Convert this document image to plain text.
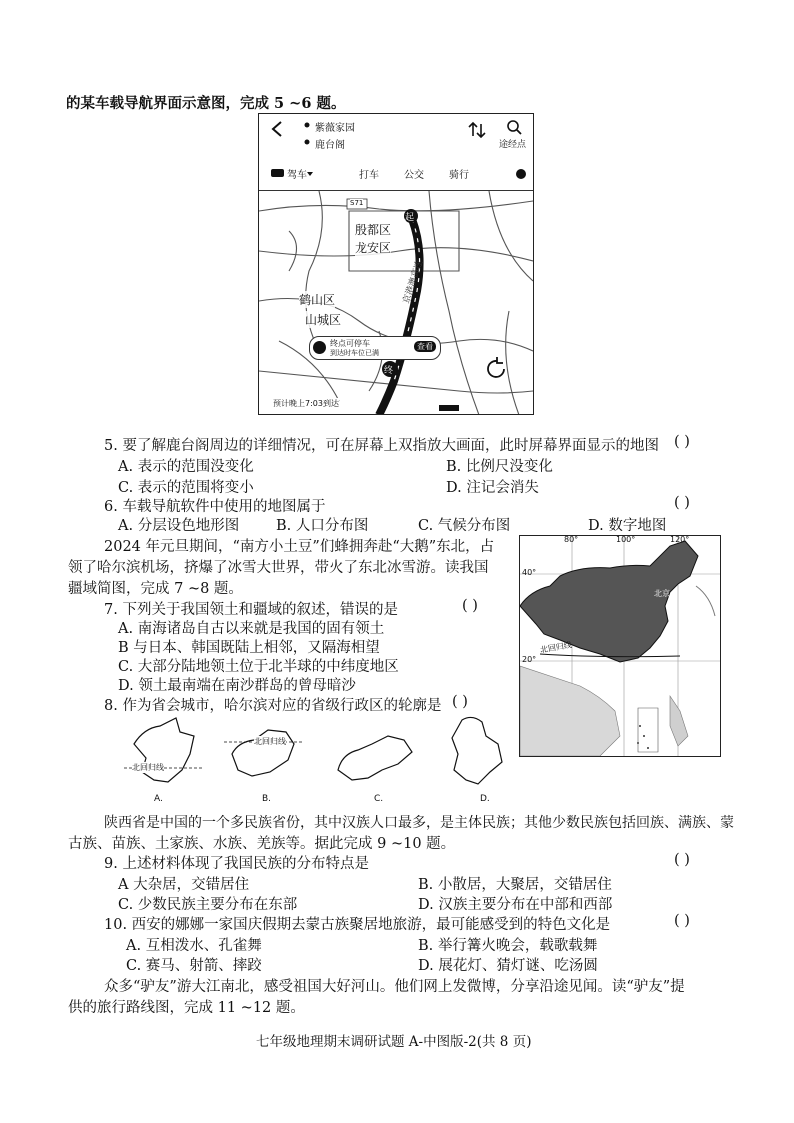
的某车载导航界面示意图，完成 5 ~6 题。
紫薇家园
鹿台阁	途经点
驾车	打车	公交	骑行
S71
起
终
殷都区
龙安区
鹤山区
山城区
京港澳高速
终点可停车
到达时车位已满
查看
预计晚上7:03到达
5. 要了解鹿台阁周边的详细情况，可在屏幕上双指放大画面，此时屏幕界面显示的地图 ( )
A. 表示的范围没变化	B. 比例尺没变化
C. 表示的范围将变小	D. 注记会消失
6. 车载导航软件中使用的地图属于	( )
A. 分层设色地形图	B. 人口分布图	C. 气候分布图	D. 数字地图
2024 年元旦期间，“南方小土豆”们蜂拥奔赴“大鹅”东北，占
领了哈尔滨机场，挤爆了冰雪大世界，带火了东北冰雪游。读我国
疆域简图，完成 7 ~8 题。
80°	100°	120°
40°
20°
北京
北回归线
7. 下列关于我国领土和疆域的叙述，错误的是	( )
A. 南海诸岛自古以来就是我国的固有领土
B 与日本、韩国既陆上相邻，又隔海相望
C. 大部分陆地领土位于北半球的中纬度地区
D. 领土最南端在南沙群岛的曾母暗沙
8. 作为省会城市，哈尔滨对应的省级行政区的轮廓是 ( )
北回归线
北回归线
A.	B.	C.	D.
陕西省是中国的一个多民族省份，其中汉族人口最多，是主体民族；其他少数民族包括回族、满族、蒙
古族、苗族、土家族、水族、羌族等。据此完成 9 ~10 题。
9. 上述材料体现了我国民族的分布特点是	( )
A 大杂居，交错居住	B. 小散居，大聚居，交错居住
C. 少数民族主要分布在东部	D. 汉族主要分布在中部和西部
10. 西安的娜娜一家国庆假期去蒙古族聚居地旅游，最可能感受到的特色文化是	( )
A. 互相泼水、孔雀舞	B. 举行篝火晚会，载歌载舞
C. 赛马、射箭、摔跤	D. 展花灯、猜灯谜、吃汤圆
众多“驴友”游大江南北，感受祖国大好河山。他们网上发微博，分享沿途见闻。读“驴友”提
供的旅行路线图，完成 11 ~12 题。
七年级地理期末调研试题 A-中图版-2(共 8 页)
